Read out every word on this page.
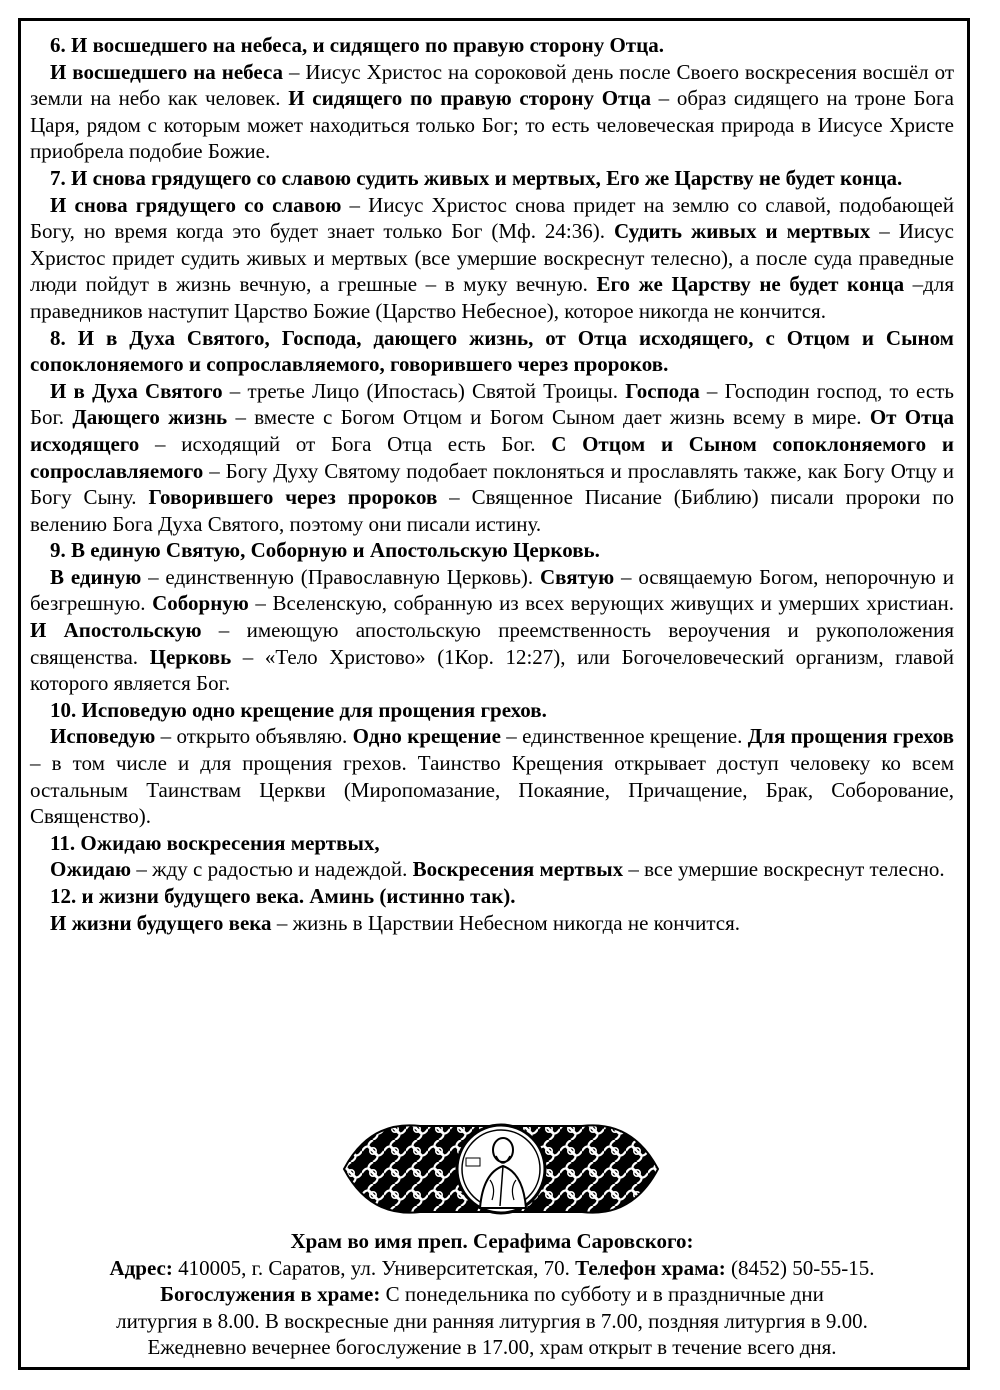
6. И восшедшего на небеса, и сидящего по правую сторону Отца.

И восшедшего на небеса – Иисус Христос на сороковой день после Своего воскресения восшёл от земли на небо как человек. И сидящего по правую сторону Отца – образ сидящего на троне Бога Царя, рядом с которым может находиться только Бог; то есть человеческая природа в Иисусе Христе приобрела подобие Божие.

7. И снова грядущего со славою судить живых и мертвых, Его же Царству не будет конца.

И снова грядущего со славою – Иисус Христос снова придет на землю со славой, подобающей Богу, но время когда это будет знает только Бог (Мф. 24:36). Судить живых и мертвых – Иисус Христос придет судить живых и мертвых (все умершие воскреснут телесно), а после суда праведные люди пойдут в жизнь вечную, а грешные – в муку вечную. Его же Царству не будет конца –для праведников наступит Царство Божие (Царство Небесное), которое никогда не кончится.

8. И в Духа Святого, Господа, дающего жизнь, от Отца исходящего, с Отцом и Сыном сопоклоняемого и сопрославляемого, говорившего через пророков.

И в Духа Святого – третье Лицо (Ипостась) Святой Троицы. Господа – Господин господ, то есть Бог. Дающего жизнь – вместе с Богом Отцом и Богом Сыном дает жизнь всему в мире. От Отца исходящего – исходящий от Бога Отца есть Бог. С Отцом и Сыном сопоклоняемого и сопрославляемого – Богу Духу Святому подобает поклоняться и прославлять также, как Богу Отцу и Богу Сыну. Говорившего через пророков – Священное Писание (Библию) писали пророки по велению Бога Духа Святого, поэтому они писали истину.

9. В единую Святую, Соборную и Апостольскую Церковь.

В единую – единственную (Православную Церковь). Святую – освящаемую Богом, непорочную и безгрешную. Соборную – Вселенскую, собранную из всех верующих живущих и умерших христиан. И Апостольскую – имеющую апостольскую преемственность вероучения и рукоположения священства. Церковь – «Тело Христово» (1Кор. 12:27), или Богочеловеческий организм, главой которого является Бог.

10. Исповедую одно крещение для прощения грехов.

Исповедую – открыто объявляю. Одно крещение – единственное крещение. Для прощения грехов – в том числе и для прощения грехов. Таинство Крещения открывает доступ человеку ко всем остальным Таинствам Церкви (Миропомазание, Покаяние, Причащение, Брак, Соборование, Священство).

11. Ожидаю воскресения мертвых,

Ожидаю – жду с радостью и надеждой. Воскресения мертвых – все умершие воскреснут телесно.

12. и жизни будущего века. Аминь (истинно так).

И жизни будущего века – жизнь в Царствии Небесном никогда не кончится.

Храм во имя преп. Серафима Саровского:

Адрес: 410005, г. Саратов, ул. Университетская, 70. Телефон храма: (8452) 50-55-15.

Богослужения в храме: С понедельника по субботу и в праздничные дни

литургия в 8.00. В воскресные дни ранняя литургия в 7.00, поздняя литургия в 9.00.

Ежедневно вечернее богослужение в 17.00, храм открыт в течение всего дня.
